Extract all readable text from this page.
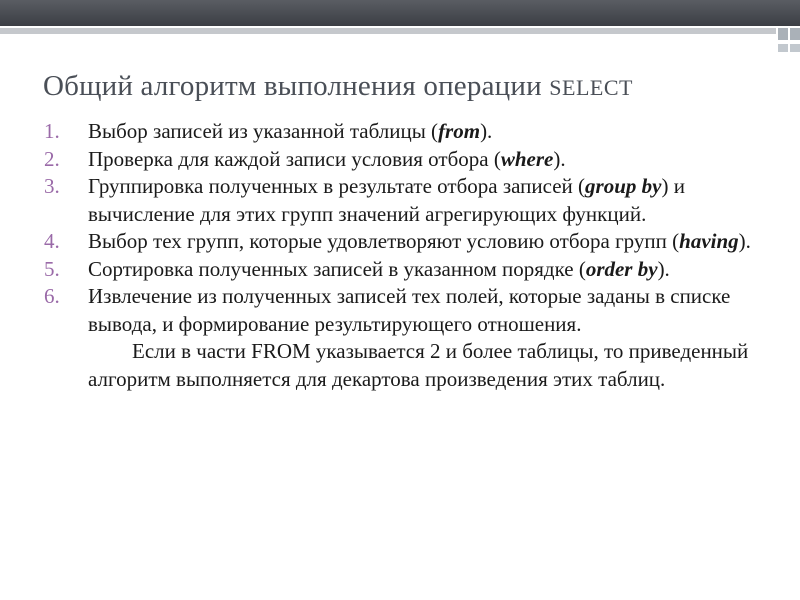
Общий алгоритм выполнения операции SELECT
1. Выбор записей из указанной таблицы (from).
2. Проверка для каждой записи условия отбора (where).
3. Группировка полученных в результате отбора записей (group by) и вычисление для этих групп значений агрегирующих функций.
4. Выбор тех групп, которые удовлетворяют условию отбора групп (having).
5. Сортировка полученных записей в указанном порядке (order by).
6. Извлечение из полученных записей тех полей, которые заданы в списке вывода, и формирование результирующего отношения.

Если в части FROM указывается 2 и более таблицы, то приведенный алгоритм выполняется для декартова произведения этих таблиц.
